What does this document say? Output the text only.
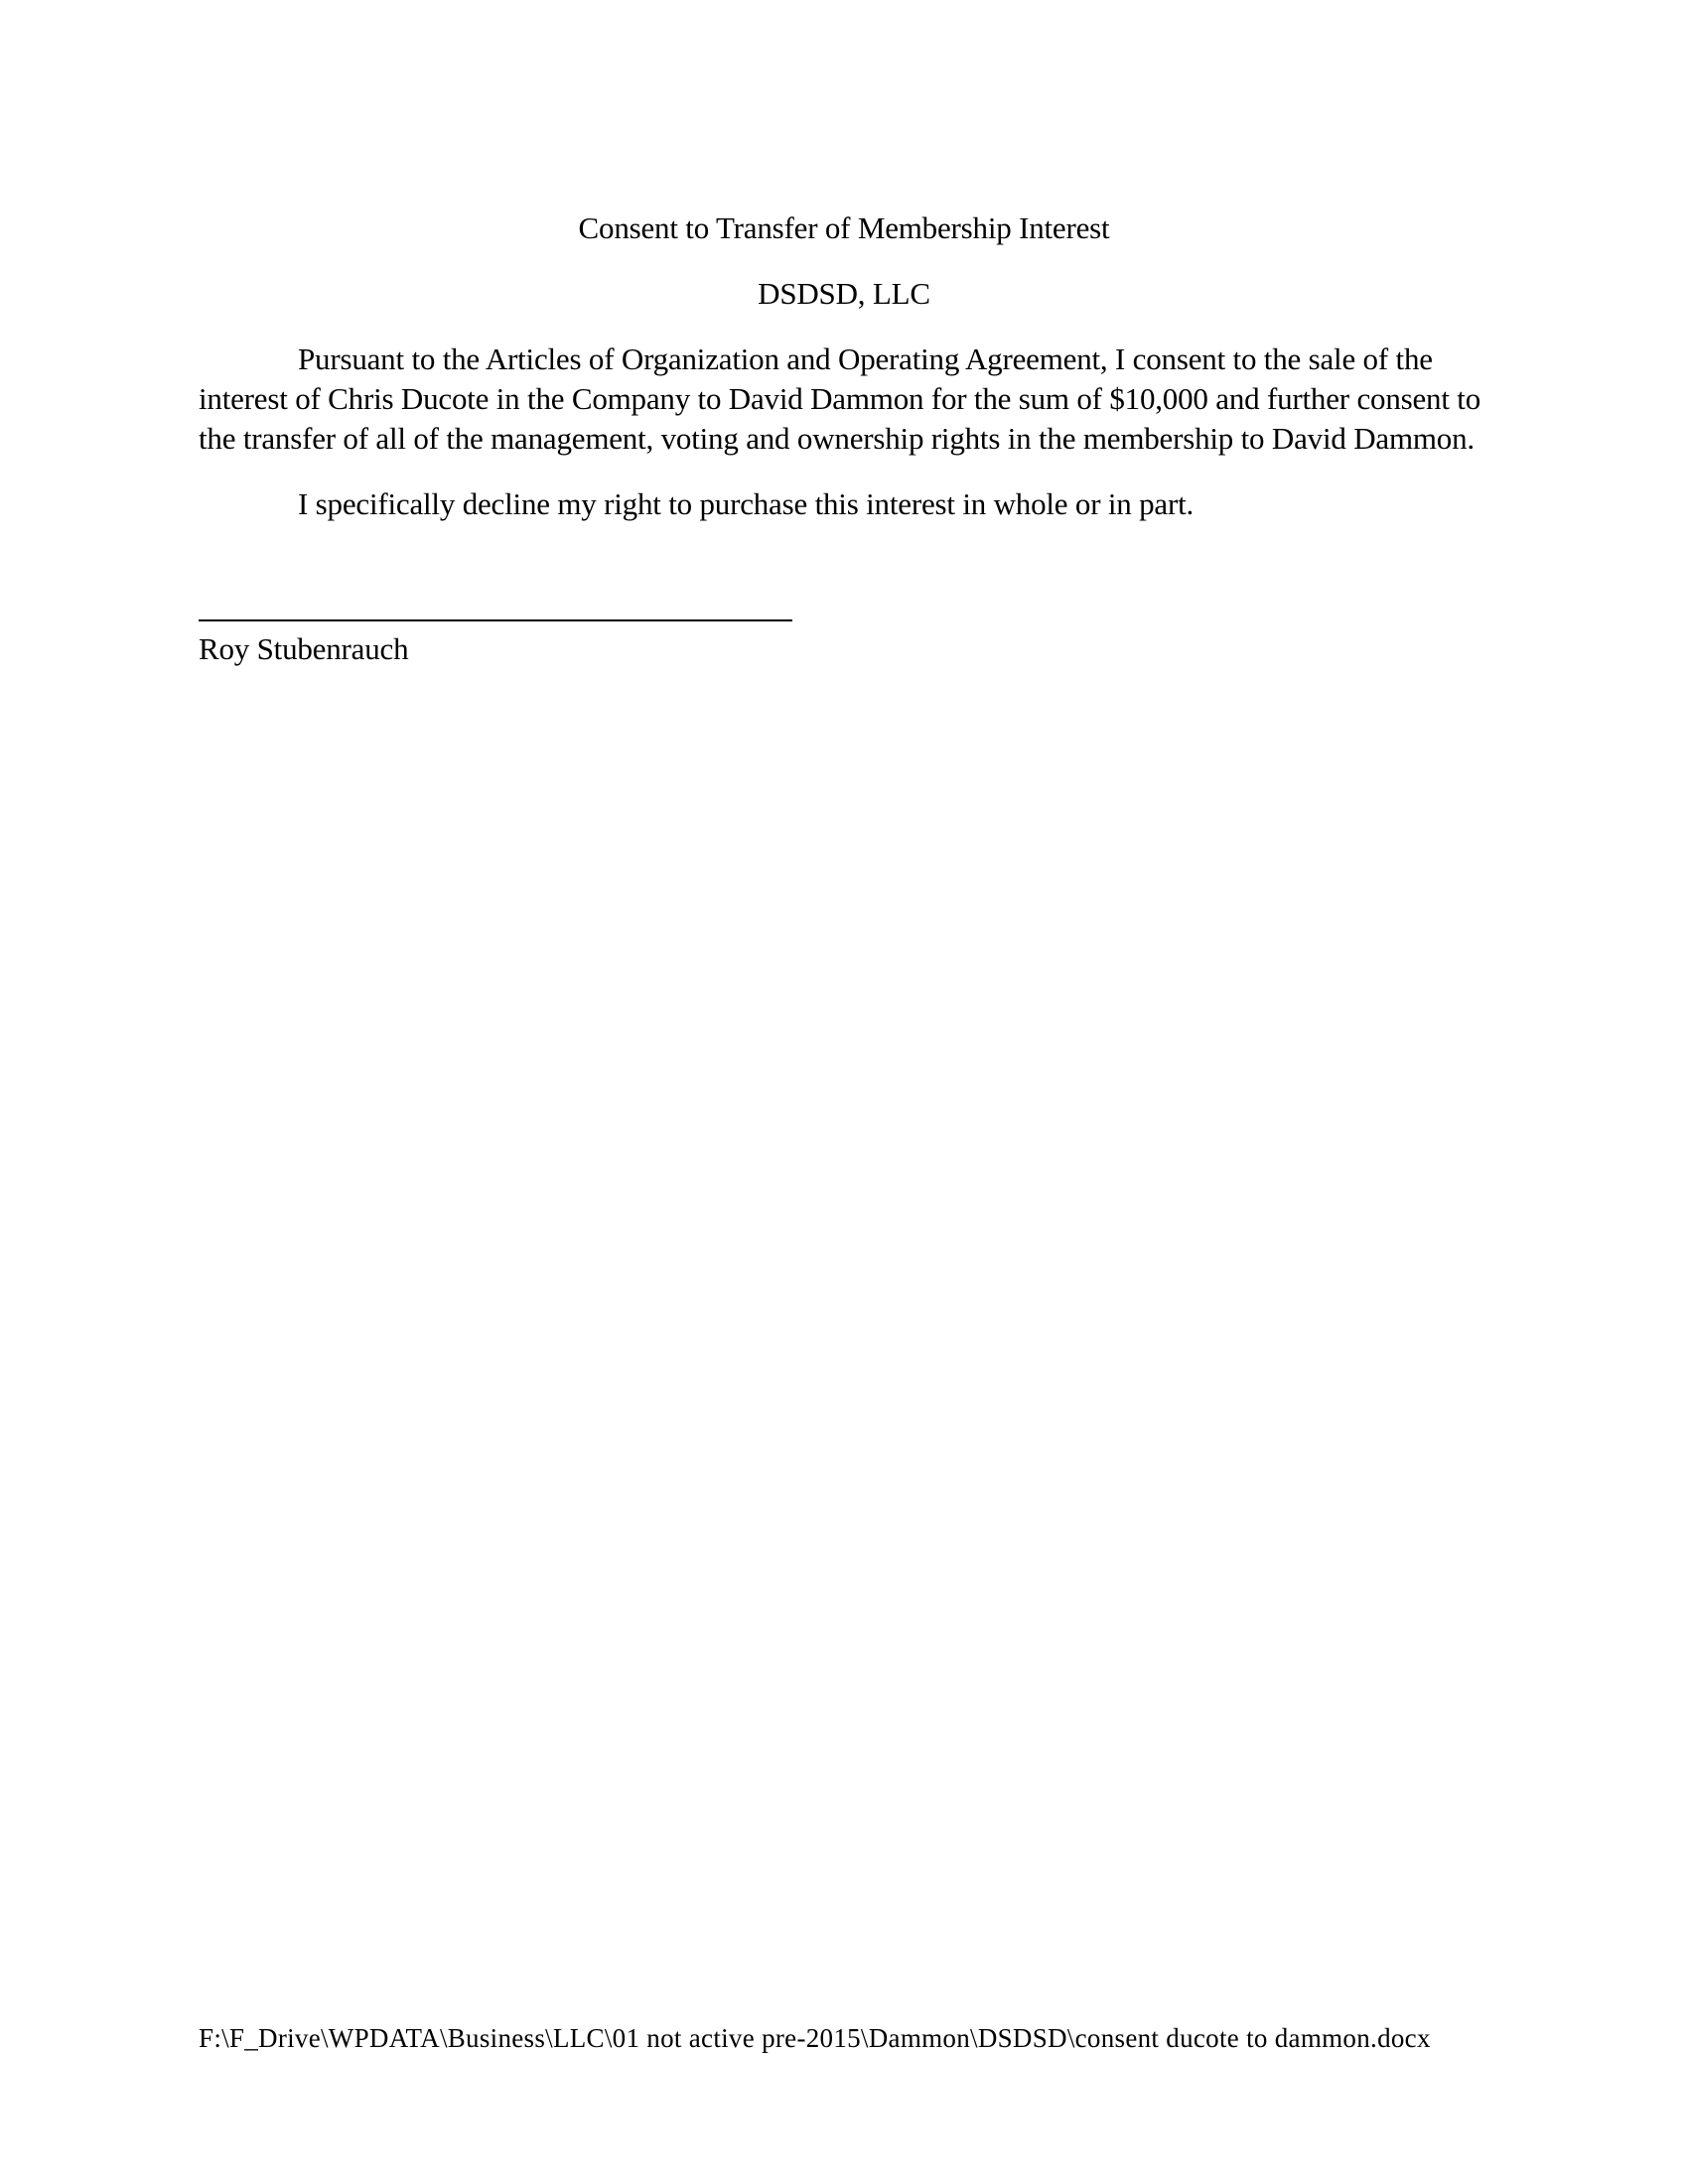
Consent to Transfer of Membership Interest

DSDSD, LLC

Pursuant to the Articles of Organization and Operating Agreement, I consent to the sale of the interest of Chris Ducote in the Company to David Dammon for the sum of $10,000 and further consent to the transfer of all of the management, voting and ownership rights in the membership to David Dammon.

I specifically decline my right to purchase this interest in whole or in part.

Roy Stubenrauch

F:\F_Drive\WPDATA\Business\LLC\01 not active pre-2015\Dammon\DSDSD\consent ducote to dammon.docx
